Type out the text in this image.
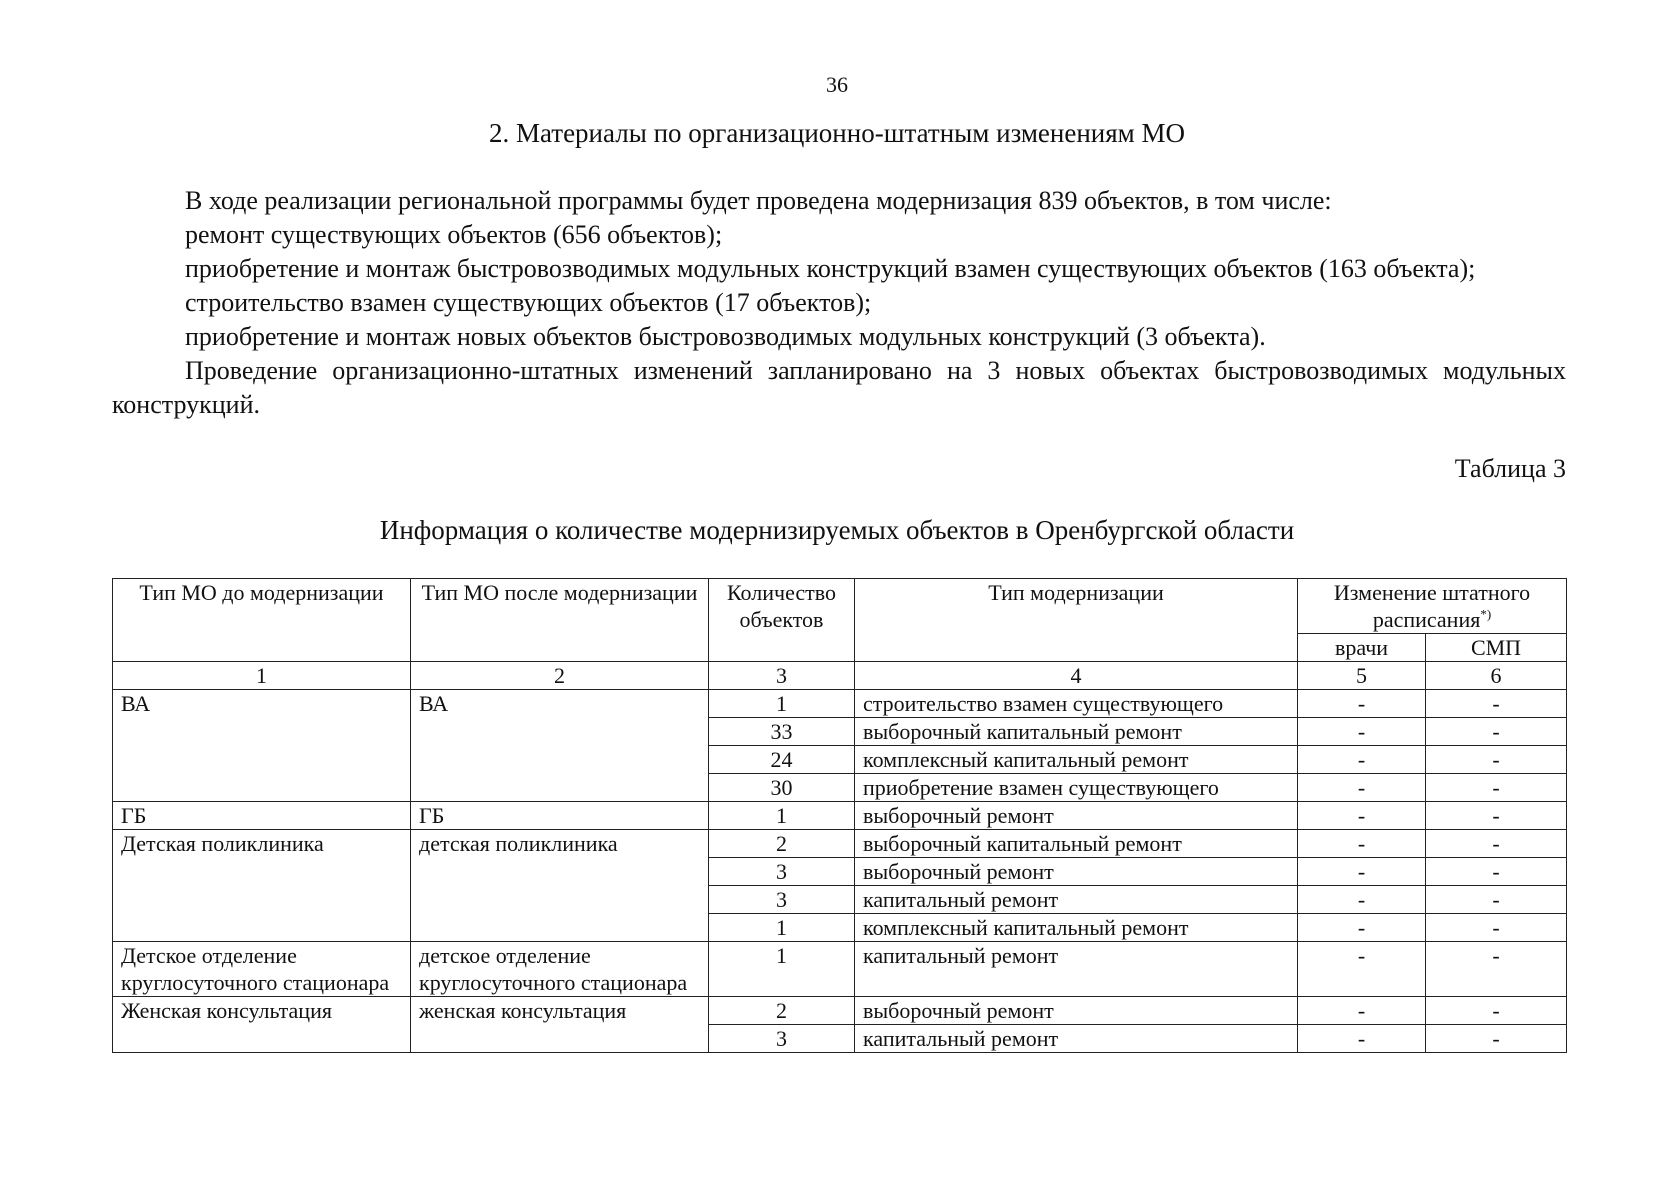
36
2. Материалы по организационно-штатным изменениям МО
В ходе реализации региональной программы будет проведена модернизация 839 объектов, в том числе:
ремонт существующих объектов (656 объектов);
приобретение и монтаж быстровозводимых модульных конструкций взамен существующих объектов (163 объекта);
строительство взамен существующих объектов (17 объектов);
приобретение и монтаж новых объектов быстровозводимых модульных конструкций (3 объекта).
Проведение организационно-штатных изменений запланировано на 3 новых объектах быстровозводимых модульных конструкций.
Таблица 3
Информация о количестве модернизируемых объектов в Оренбургской области
Тип МО до модернизации	Тип МО после модернизации	Количество объектов	Тип модернизации	Изменение штатного расписания*)
				врачи	СМП
1	2	3	4	5	6
ВА	ВА	1	строительство взамен существующего	-	-
		33	выборочный капитальный ремонт	-	-
		24	комплексный капитальный ремонт	-	-
		30	приобретение взамен существующего	-	-
ГБ	ГБ	1	выборочный ремонт	-	-
Детская поликлиника	детская поликлиника	2	выборочный капитальный ремонт	-	-
		3	выборочный ремонт	-	-
		3	капитальный ремонт	-	-
		1	комплексный капитальный ремонт	-	-
Детское отделение круглосуточного стационара	детское отделение круглосуточного стационара	1	капитальный ремонт	-	-
Женская консультация	женская консультация	2	выборочный ремонт	-	-
		3	капитальный ремонт	-	-
